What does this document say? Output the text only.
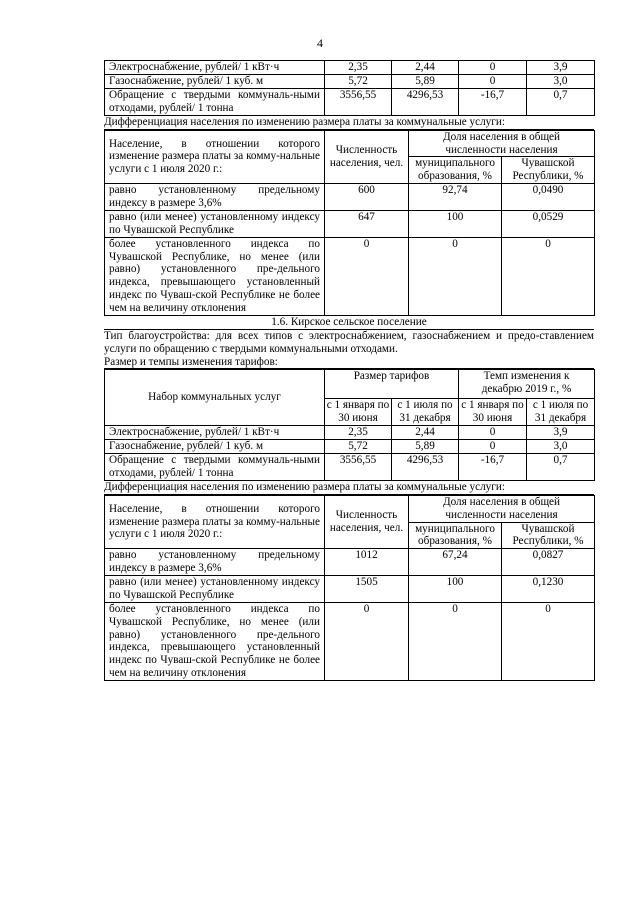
4
Электроснабжение, рублей/ 1 кВт·ч	2,35	2,44	0	3,9
Газоснабжение, рублей/ 1 куб. м	5,72	5,89	0	3,0
Обращение с твердыми коммуналь-ными отходами, рублей/ 1 тонна	3556,55	4296,53	-16,7	0,7
Дифференциация населения по изменению размера платы за коммунальные услуги:
Население, в отношении которого изменение размера платы за комму-нальные услуги с 1 июля 2020 г.:	Численность населения, чел.	Доля населения в общей численности населения	
		муниципального образования, %	Чувашской Республики, %
равно установленному предельному индексу в размере 3,6%	600	92,74	0,0490
равно (или менее) установленному индексу по Чувашской Республике	647	100	0,0529
более установленного индекса по Чувашской Республике, но менее (или равно) установленного пре-дельного индекса, превышающего установленный индекс по Чуваш-ской Республике не более чем на величину отклонения	0	0	0
1.6. Кирское сельское поселение
Тип благоустройства: для всех типов с электроснабжением, газоснабжением и предо-ставлением услуги по обращению с твердыми коммунальными отходами.
Размер и темпы изменения тарифов:
Набор коммунальных услуг	Размер тарифов		Темп изменения к декабрю 2019 г., %	
	с 1 января по 30 июня	с 1 июля по 31 декабря	с 1 января по 30 июня	с 1 июля по 31 декабря
Электроснабжение, рублей/ 1 кВт·ч	2,35	2,44	0	3,9
Газоснабжение, рублей/ 1 куб. м	5,72	5,89	0	3,0
Обращение с твердыми коммуналь-ными отходами, рублей/ 1 тонна	3556,55	4296,53	-16,7	0,7
Дифференциация населения по изменению размера платы за коммунальные услуги:
Население, в отношении которого изменение размера платы за комму-нальные услуги с 1 июля 2020 г.:	Численность населения, чел.	Доля населения в общей численности населения	
		муниципального образования, %	Чувашской Республики, %
равно установленному предельному индексу в размере 3,6%	1012	67,24	0,0827
равно (или менее) установленному индексу по Чувашской Республике	1505	100	0,1230
более установленного индекса по Чувашской Республике, но менее (или равно) установленного пре-дельного индекса, превышающего установленный индекс по Чуваш-ской Республике не более чем на величину отклонения	0	0	0
